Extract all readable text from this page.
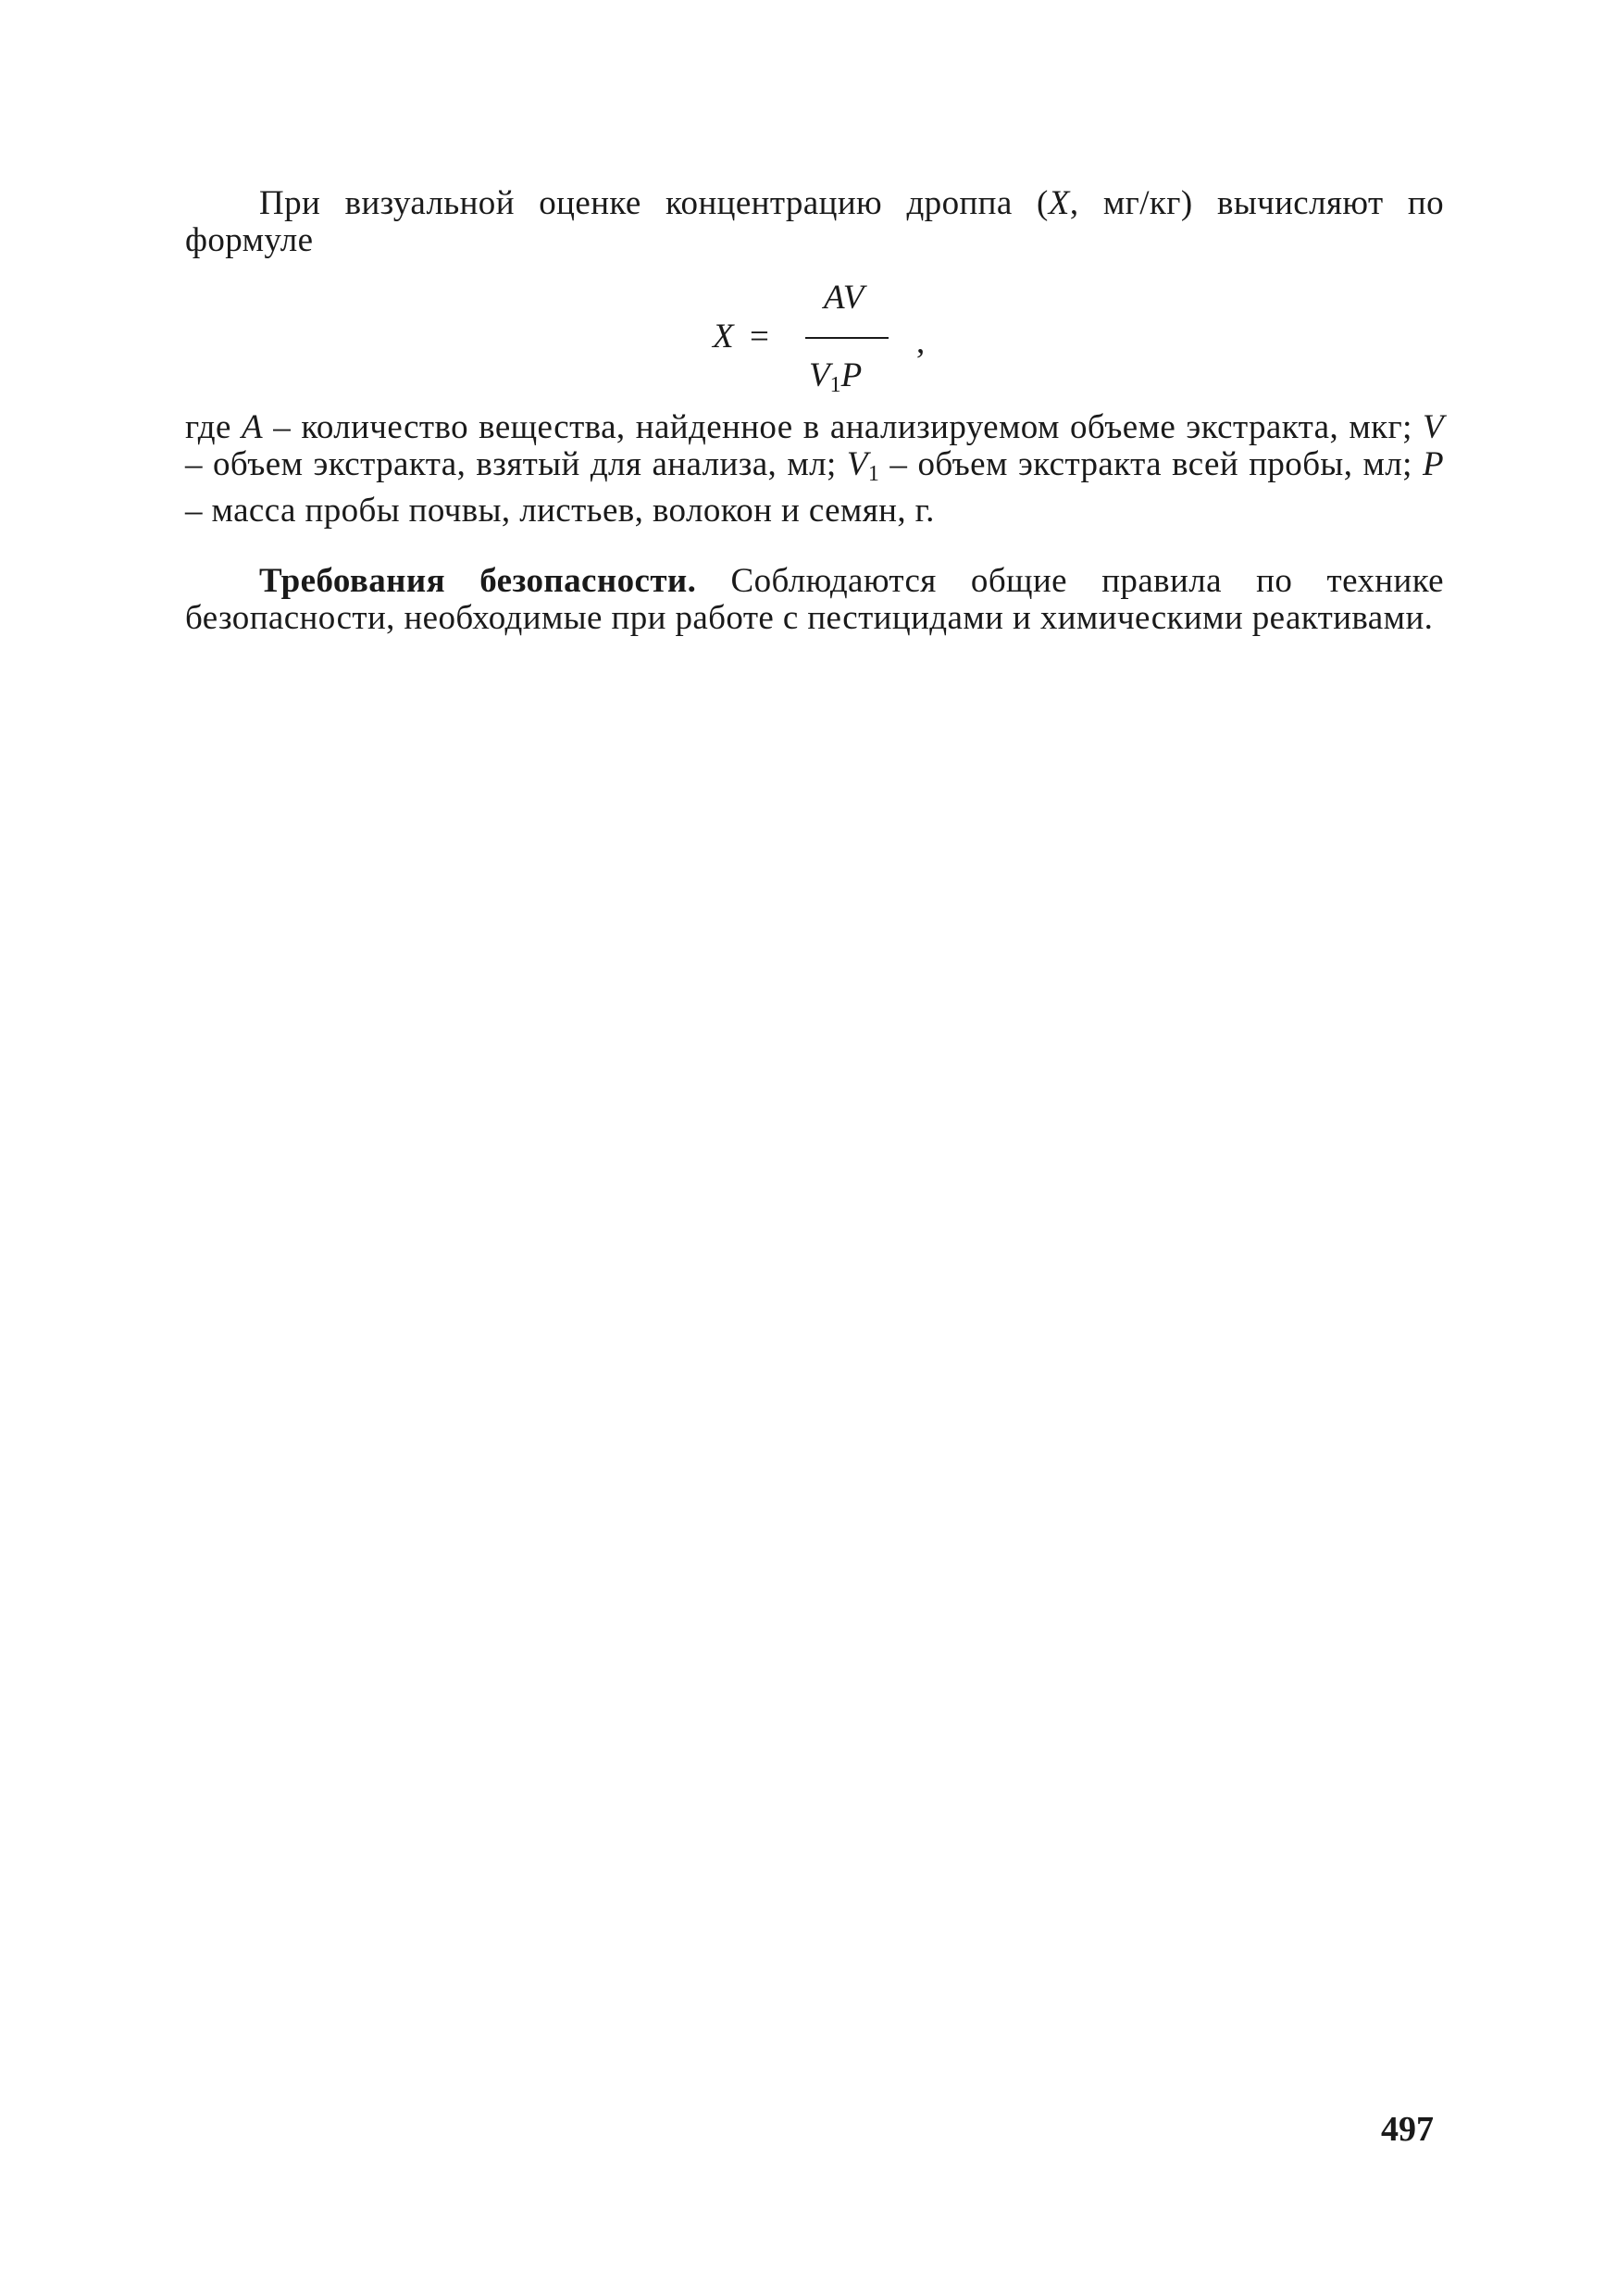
При визуальной оценке концентрацию дроппа (X, мг/кг) вычисляют по формуле

X =
AV
$V_1P$
,

где A – количество вещества, найденное в анализируемом объеме экстракта, мкг; V – объем экстракта, взятый для анализа, мл; $V_1$ – объем экстракта всей пробы, мл; P – масса пробы почвы, листьев, волокон и семян, г.

Требования безопасности. Соблюдаются общие правила по технике безопасности, необходимые при работе с пестицидами и химическими реактивами.

497
